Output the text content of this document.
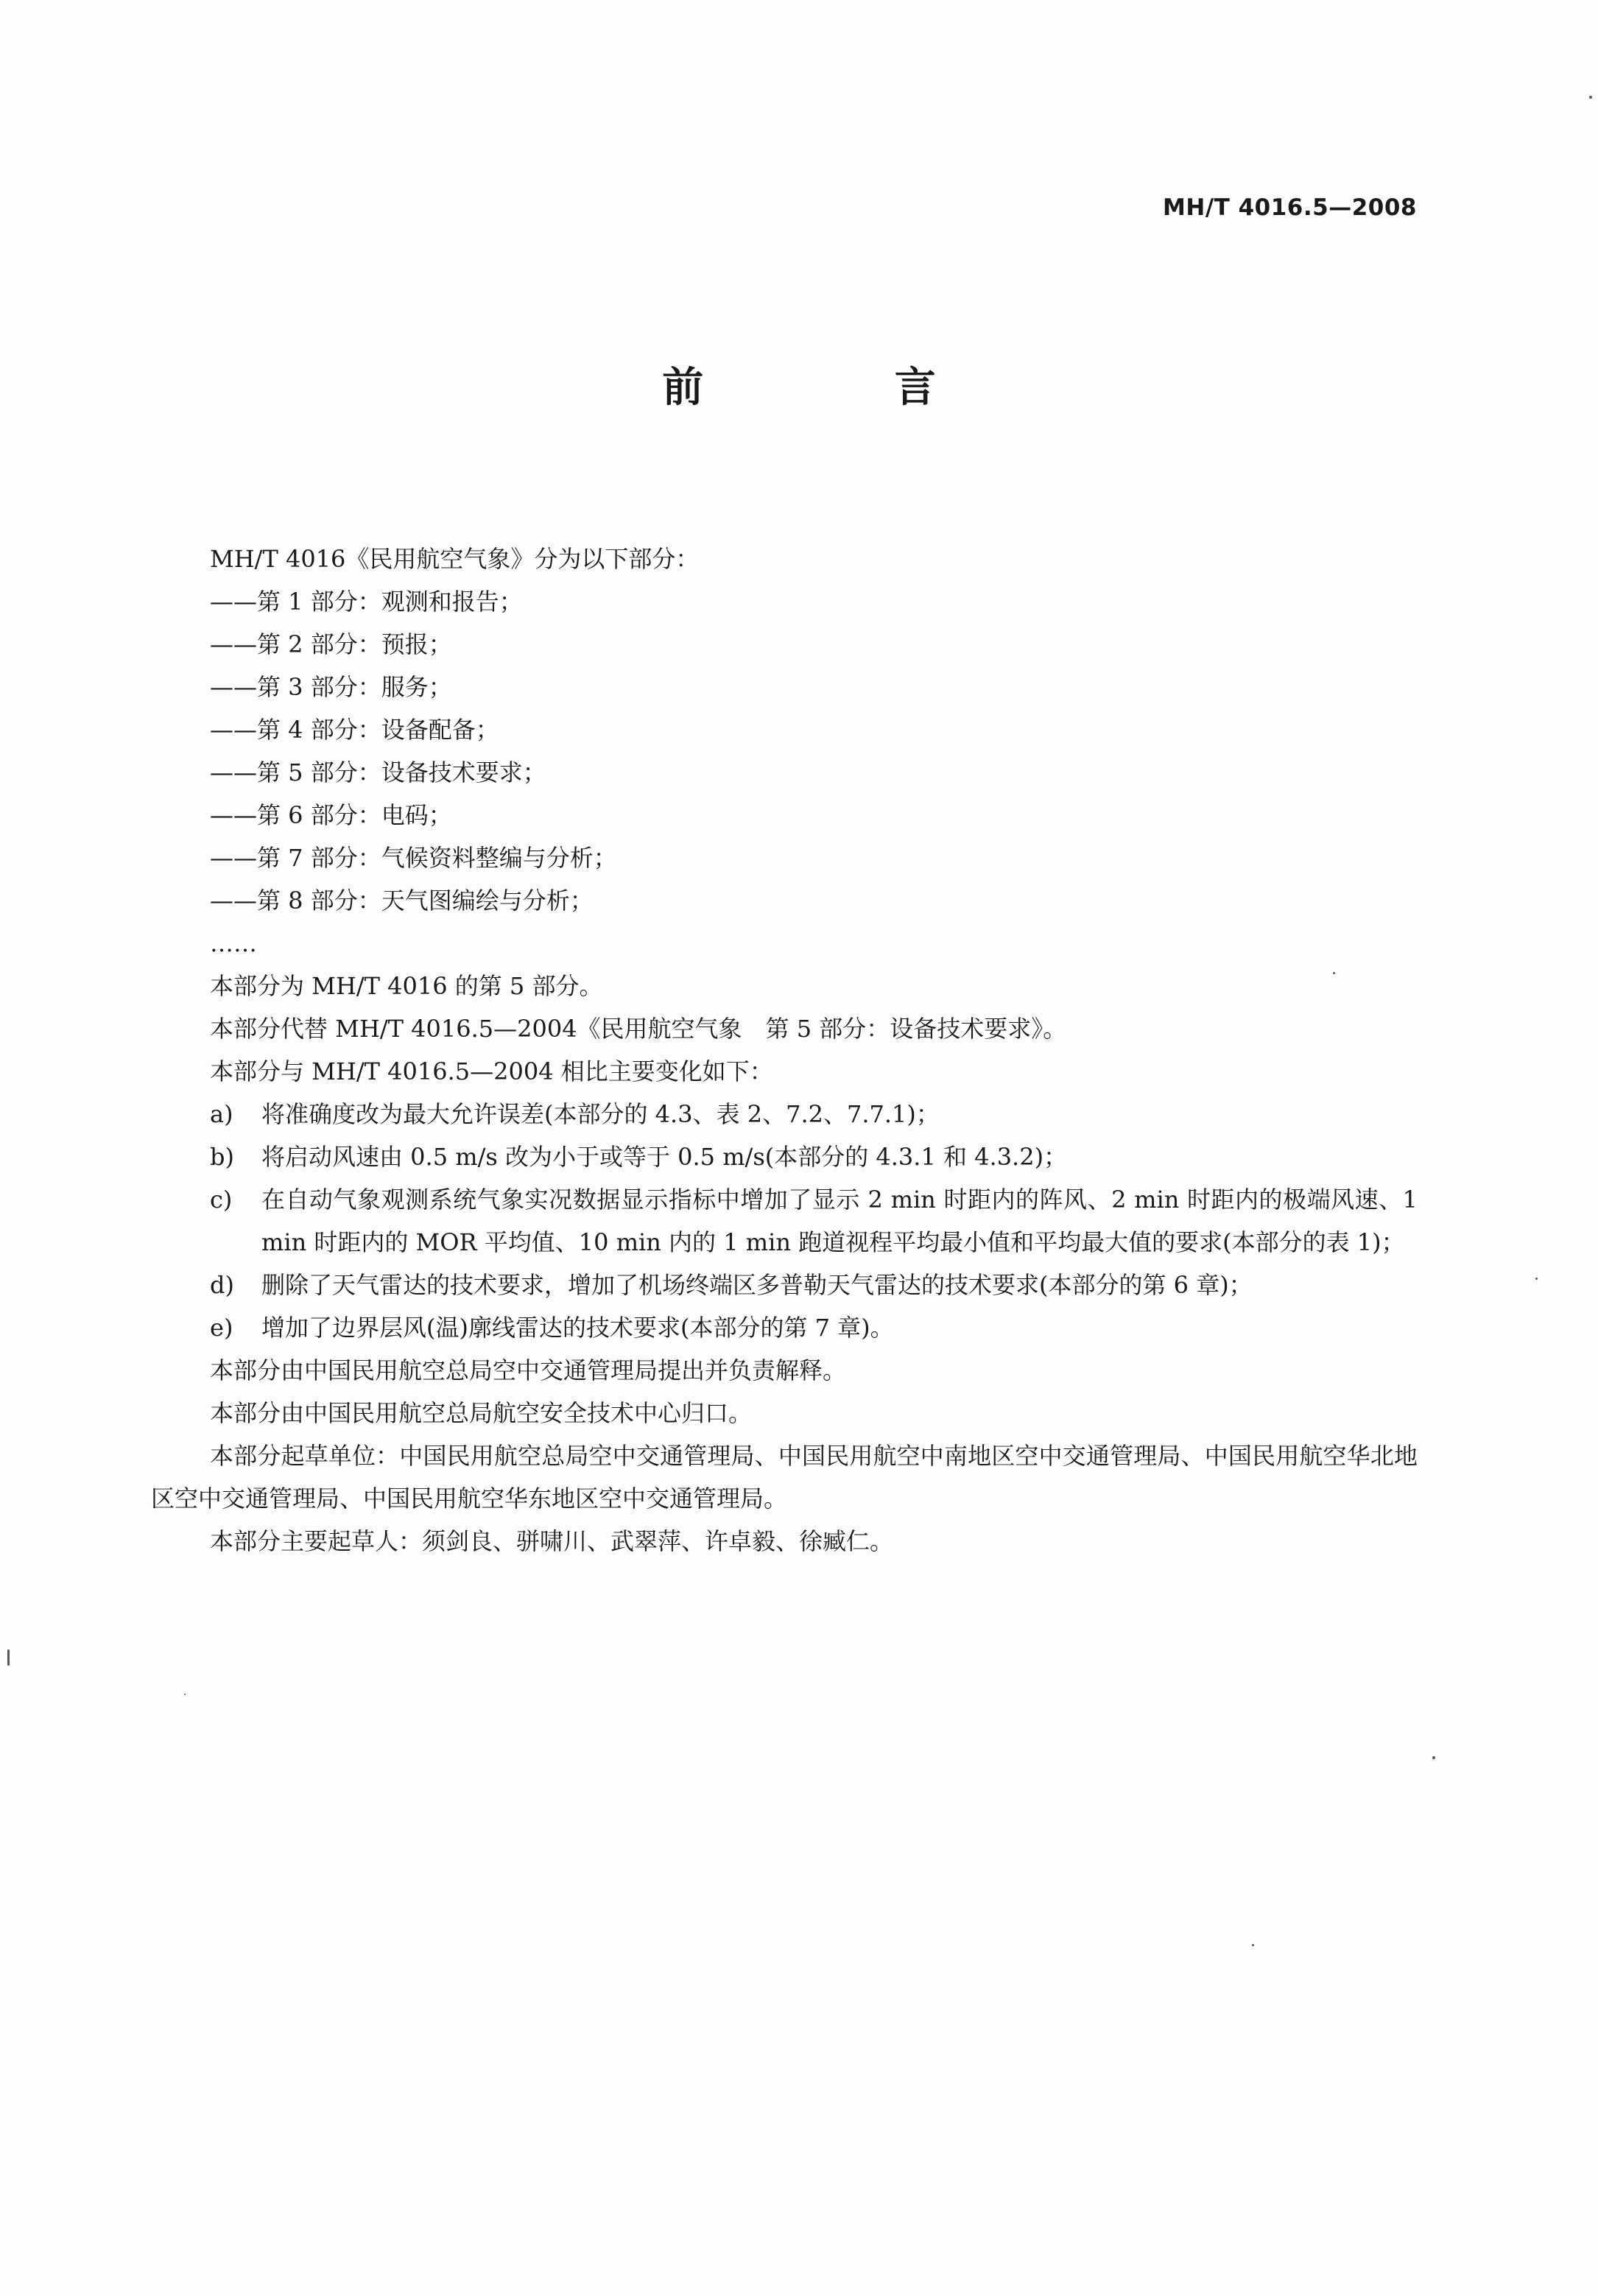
MH/T 4016.5—2008
前 言
MH/T 4016《民用航空气象》分为以下部分：
——第 1 部分：观测和报告；
——第 2 部分：预报；
——第 3 部分：服务；
——第 4 部分：设备配备；
——第 5 部分：设备技术要求；
——第 6 部分：电码；
——第 7 部分：气候资料整编与分析；
——第 8 部分：天气图编绘与分析；
……
本部分为 MH/T 4016 的第 5 部分。
本部分代替 MH/T 4016.5—2004《民用航空气象　第 5 部分：设备技术要求》。
本部分与 MH/T 4016.5—2004 相比主要变化如下：
a)	将准确度改为最大允许误差(本部分的 4.3、表 2、7.2、7.7.1)；
b)	将启动风速由 0.5 m/s 改为小于或等于 0.5 m/s(本部分的 4.3.1 和 4.3.2)；
c)	在自动气象观测系统气象实况数据显示指标中增加了显示 2 min 时距内的阵风、2 min 时距内的极端风速、1 min 时距内的 MOR 平均值、10 min 内的 1 min 跑道视程平均最小值和平均最大值的要求(本部分的表 1)；
d)	删除了天气雷达的技术要求，增加了机场终端区多普勒天气雷达的技术要求(本部分的第 6 章)；
e)	增加了边界层风(温)廓线雷达的技术要求(本部分的第 7 章)。
本部分由中国民用航空总局空中交通管理局提出并负责解释。
本部分由中国民用航空总局航空安全技术中心归口。
本部分起草单位：中国民用航空总局空中交通管理局、中国民用航空中南地区空中交通管理局、中国民用航空华北地区空中交通管理局、中国民用航空华东地区空中交通管理局。
本部分主要起草人：须剑良、骈啸川、武翠萍、许卓毅、徐臧仁。
